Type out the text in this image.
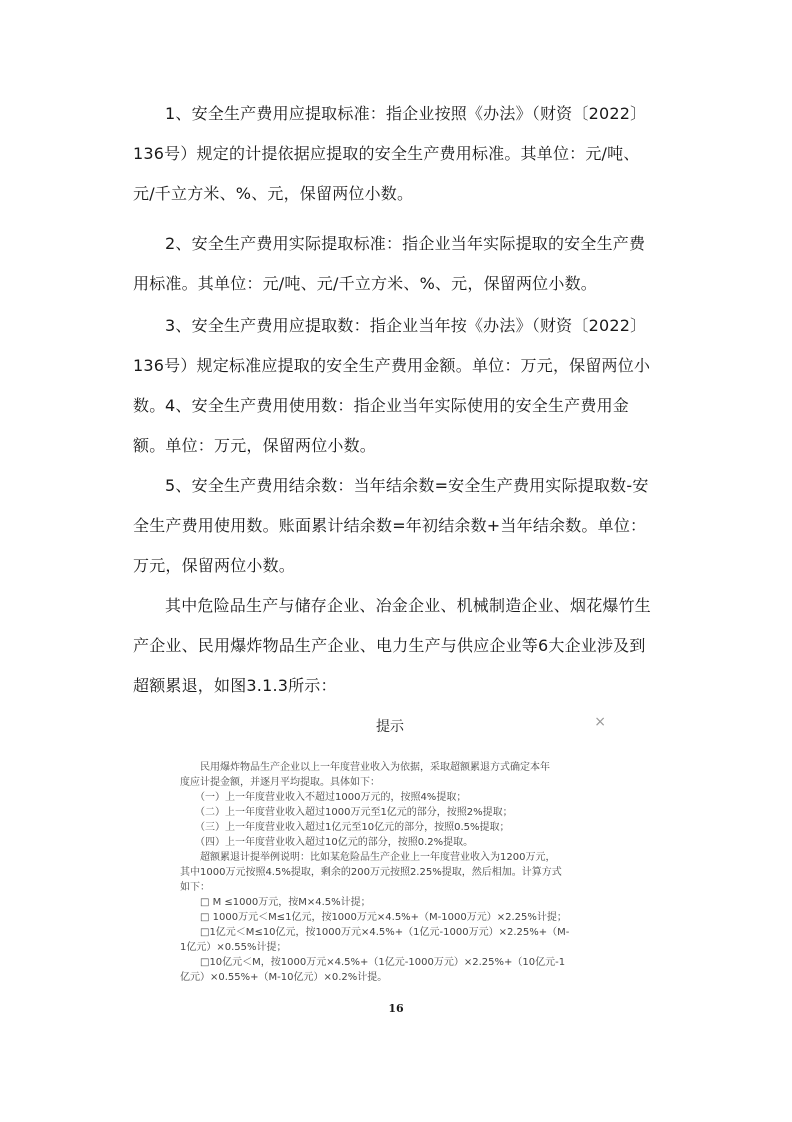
1、安全生产费用应提取标准：指企业按照《办法》（财资〔2022〕136号）规定的计提依据应提取的安全生产费用标准。其单位：元/吨、元/千立方米、%、元，保留两位小数。

2、安全生产费用实际提取标准：指企业当年实际提取的安全生产费用标准。其单位：元/吨、元/千立方米、%、元，保留两位小数。

3、安全生产费用应提取数：指企业当年按《办法》（财资〔2022〕136号）规定标准应提取的安全生产费用金额。单位：万元，保留两位小数。 4、安全生产费用使用数：指企业当年实际使用的安全生产费用金额。单位：万元，保留两位小数。

5、安全生产费用结余数：当年结余数=安全生产费用实际提取数-安全生产费用使用数。账面累计结余数=年初结余数+当年结余数。单位：万元，保留两位小数。

其中危险品生产与储存企业、冶金企业、机械制造企业、烟花爆竹生产企业、民用爆炸物品生产企业、电力生产与供应企业等6大企业涉及到超额累退，如图3.1.3所示：

提示	×
　　民用爆炸物品生产企业以上一年度营业收入为依据，采取超额累退方式确定本年
度应计提金额，并逐月平均提取。具体如下：
　　（一）上一年度营业收入不超过1000万元的，按照4%提取；
　　（二）上一年度营业收入超过1000万元至1亿元的部分，按照2%提取；
　　（三）上一年度营业收入超过1亿元至10亿元的部分，按照0.5%提取；
　　（四）上一年度营业收入超过10亿元的部分，按照0.2%提取。
　　超额累退计提举例说明：比如某危险品生产企业上一年度营业收入为1200万元，
其中1000万元按照4.5%提取，剩余的200万元按照2.25%提取，然后相加。计算方式
如下：
　　□ M ≤1000万元，按M×4.5%计提；
　　□ 1000万元＜M≤1亿元，按1000万元×4.5%+（M-1000万元）×2.25%计提；
　　□1亿元＜M≤10亿元，按1000万元×4.5%+（1亿元-1000万元）×2.25%+（M-
1亿元）×0.55%计提；
　　□10亿元＜M，按1000万元×4.5%+（1亿元-1000万元）×2.25%+（10亿元-1
亿元）×0.55%+（M-10亿元）×0.2%计提。
16
